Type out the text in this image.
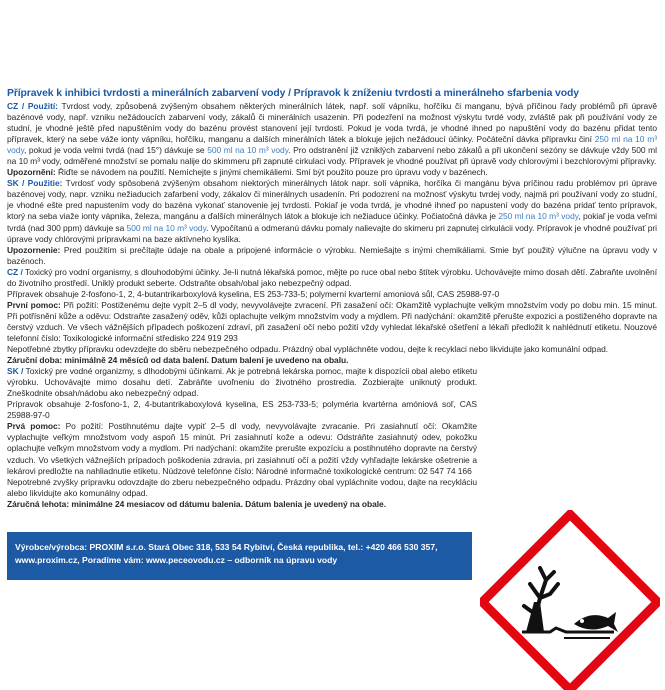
Přípravek k inhibici tvrdosti a minerálních zabarvení vody / Prípravok k zníženiu tvrdosti a minerálneho sfarbenia vody

CZ / Použití: Tvrdost vody, způsobená zvýšeným obsahem některých minerálních látek, např. solí vápníku, hořčíku či manganu, bývá příčinou řady problémů při úpravě bazénové vody, např. vzniku nežádoucích zabarvení vody, zákalů či minerálních usazenin. Při podezření na možnost výskytu tvrdé vody, zvláště pak při používání vody ze studní, je vhodné ještě před napuštěním vody do bazénu provést stanovení její tvrdosti. Pokud je voda tvrdá, je vhodné ihned po napuštění vody do bazénu přidat tento přípravek, který na sebe váže ionty vápníku, hořčíku, manganu a dalších minerálních látek a blokuje jejich nežádoucí účinky. Počáteční dávka přípravku činí 250 ml na 10 m³ vody, pokud je voda velmi tvrdá (nad 15°) dávkuje se 500 ml na 10 m³ vody. Pro odstranění již vzniklých zabarvení nebo zákalů a při ukončení sezóny se dávkuje vždy 500 ml na 10 m³ vody, odměřené množství se pomalu nalije do skimmeru při zapnuté cirkulaci vody. Přípravek je vhodné používat při úpravě vody chlorovými i bezchlorovými přípravky.

Upozornění: Řiďte se návodem na použití. Nemíchejte s jinými chemikáliemi. Smí být použito pouze pro úpravu vody v bazénech.

SK / Použitie: Tvrdosť vody spôsobená zvýšeným obsahom niektorých minerálnych látok napr. solí vápnika, horčíka či mangánu býva príčinou radu problémov pri úprave bazénovej vody, napr. vzniku nežiaducich zafarbení vody, zákalov či minerálnych usadenín. Pri podozrení na možnosť výskytu tvrdej vody, najmä pri používaní vody zo studní, je vhodné ešte pred napustením vody do bazéna vykonať stanovenie jej tvrdosti. Pokiaľ je voda tvrdá, je vhodné ihneď po napustení vody do bazéna pridať tento prípravok, ktorý na seba viaže ionty vápnika, železa, mangánu a ďalších minerálnych látok a blokuje ich nežiaduce účinky. Počiatočná dávka je 250 ml na 10 m³ vody, pokiaľ je voda veľmi tvrdá (nad 300 ppm) dávkuje sa 500 ml na 10 m³ vody. Vypočítanú a odmeranú dávku pomaly nalievajte do skimeru pri zapnutej cirkulácii vody. Prípravok je vhodné používať pri úprave vody chlórovými prípravkami na baze aktívneho kyslíka.

Upozornenie: Pred použitím si prečítajte údaje na obale a pripojené informácie o výrobku. Nemiešajte s inými chemikáliami. Smie byť použitý výlučne na úpravu vody v bazénoch.

CZ / Toxický pro vodní organismy, s dlouhodobými účinky. Je-li nutná lékařská pomoc, mějte po ruce obal nebo štítek výrobku. Uchovávejte mimo dosah dětí. Zabraňte uvolnění do životního prostředí. Uniklý produkt seberte. Odstraňte obsah/obal jako nebezpečný odpad.

Přípravek obsahuje 2-fosfono-1, 2, 4-butantrikarboxylová kyselina, ES 253-733-5; polymerní kvarterní amoniová sůl, CAS 25988-97-0

První pomoc: Při požití: Postiženému dejte vypít 2–5 dl vody, nevyvolávejte zvracení. Při zasažení očí: Okamžitě vyplachujte velkým množstvím vody po dobu min. 15 minut. Při potřísnění kůže a oděvu: Odstraňte zasažený oděv, kůži oplachujte velkým množstvím vody a mýdlem. Při nadýchání: okamžitě přerušte expozici a postiženého dopravte na čerstvý vzduch. Ve všech vážnějších případech poškození zdraví, při zasažení očí nebo požití vždy vyhledat lékařské ošetření a lékaři předložit k nahlédnutí etiketu. Nouzové telefonní číslo: Toxikologické informační středisko 224 919 293

Nepotřebné zbytky přípravku odevzdejte do sběru nebezpečného odpadu. Prázdný obal vypláchněte vodou, dejte k recyklaci nebo likvidujte jako komunální odpad.

Záruční doba: minimálně 24 měsíců od data balení. Datum balení je uvedeno na obalu.

SK / Toxický pre vodné organizmy, s dlhodobými účinkami. Ak je potrebná lekárska pomoc, majte k dispozícii obal alebo etiketu výrobku. Uchovávajte mimo dosahu detí. Zabráňte uvoľneniu do životného prostredia. Zozbierajte uniknutý produkt. Zneškodnite obsah/nádobu ako nebezpečný odpad.

Prípravok obsahuje 2-fosfono-1, 2, 4-butantrikaboxylová kyselina, ES 253-733-5; polyméria kvartérna amóniová soľ, CAS 25988-97-0

Prvá pomoc: Po požití: Postihnutému dajte vypiť 2–5 dl vody, nevyvolávajte zvracanie. Pri zasiahnutí očí: Okamžite vyplachujte veľkým množstvom vody aspoň 15 minút. Pri zasiahnutí kože a odevu: Odstráňte zasiahnutý odev, pokožku oplachujte veľkým množstvom vody a mydlom. Pri nadýchaní: okamžite prerušte expozíciu a postihnutého dopravte na čerstvý vzduch. Vo všetkých vážnejších prípadoch poškodenia zdravia, pri zasiahnutí očí a požití vždy vyhľadajte lekárske ošetrenie a lekárovi predložte na nahliadnutie etiketu. Núdzové telefónne číslo: Národné informačné toxikologické centrum: 02 547 74 166

Nepotrebné zvyšky prípravku odovzdajte do zberu nebezpečného odpadu. Prázdny obal vypláchnite vodou, dajte na recykláciu alebo likvidujte ako komunálny odpad.

Záručná lehota: minimálne 24 mesiacov od dátumu balenia. Dátum balenia je uvedený na obale.

Výrobce/výrobca: PROXIM s.r.o. Stará Obec 318, 533 54 Rybitví, Česká republika, tel.: +420 466 530 357,
www.proxim.cz, Poradíme vám: www.peceovodu.cz – odborník na úpravu vody
